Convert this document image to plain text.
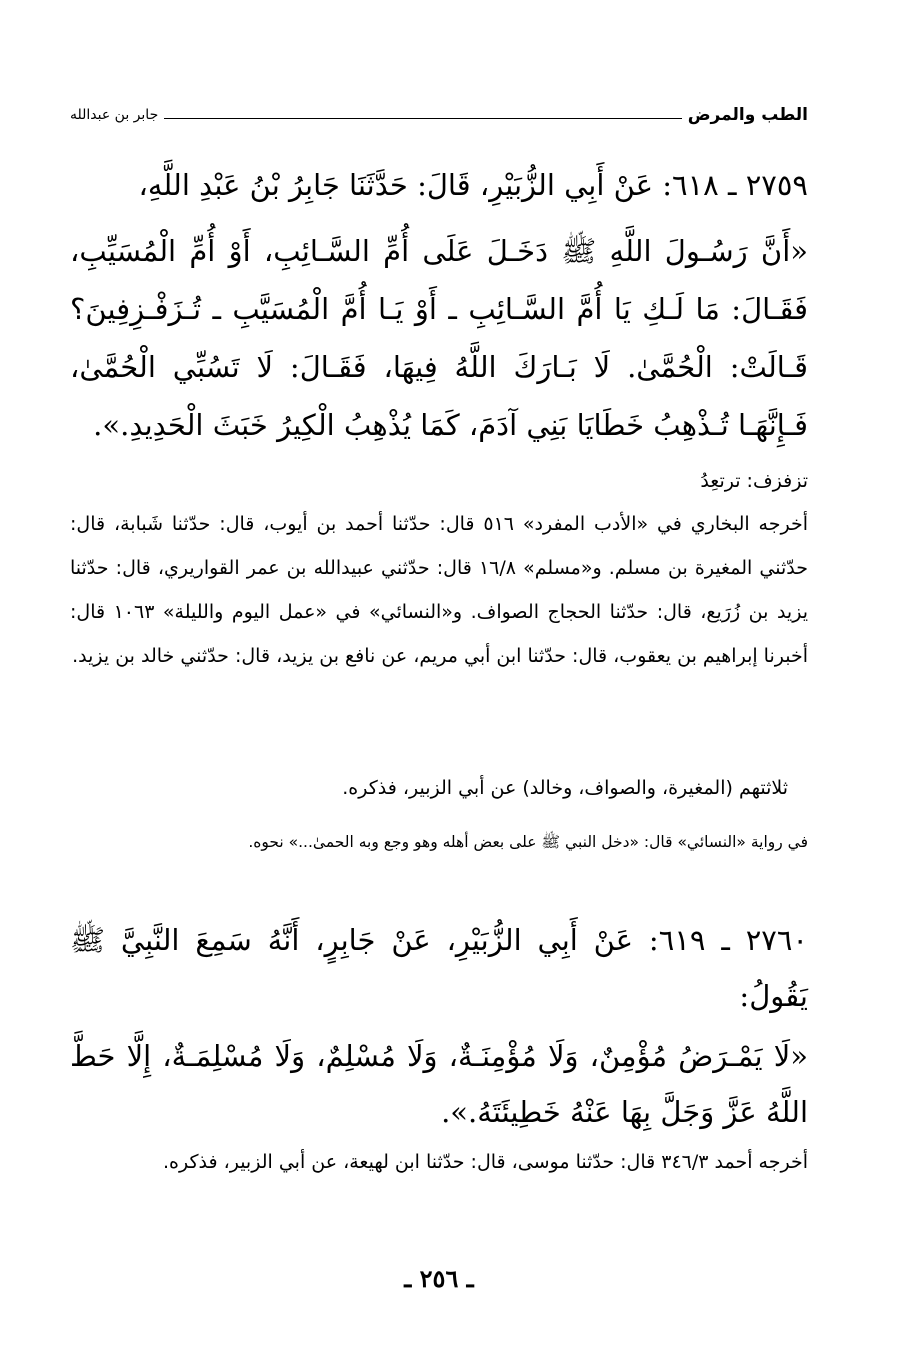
الطب والمرض
جابر بن عبدالله

٢٧٥٩ ـ ٦١٨: عَنْ أَبِي الزُّبَيْرِ، قَالَ: حَدَّثَنَا جَابِرُ بْنُ عَبْدِ اللَّهِ،

«أَنَّ رَسُـولَ اللَّهِ ﷺ دَخَـلَ عَلَى أُمِّ السَّـائِبِ، أَوْ أُمِّ الْمُسَيِّبِ، فَقَـالَ: مَا لَـكِ يَا أُمَّ السَّـائِبِ ـ أَوْ يَـا أُمَّ الْمُسَيَّبِ ـ تُـزَفْـزِفِينَ؟ قَـالَتْ: الْحُمَّىٰ. لَا بَـارَكَ اللَّهُ فِيهَا، فَقَـالَ: لَا تَسُبِّي الْحُمَّىٰ، فَـإِنَّهَـا تُـذْهِبُ خَطَايَا بَنِي آدَمَ، كَمَا يُذْهِبُ الْكِيرُ خَبَثَ الْحَدِيدِ.».

تزفزف: ترتعِدُ

أخرجه البخاري في «الأدب المفرد» ٥١٦ قال: حدّثنا أحمد بن أيوب، قال: حدّثنا شَبابة، قال: حدّثني المغيرة بن مسلم. و«مسلم» ١٦/٨ قال: حدّثني عبيدالله بن عمر القواريري، قال: حدّثنا يزيد بن زُرَيع، قال: حدّثنا الحجاج الصواف. و«النسائي» في «عمل اليوم والليلة» ١٠٦٣ قال: أخبرنا إبراهيم بن يعقوب، قال: حدّثنا ابن أبي مريم، عن نافع بن يزيد، قال: حدّثني خالد بن يزيد.

ثلاثتهم (المغيرة، والصواف، وخالد) عن أبي الزبير، فذكره.

في رواية «النسائي» قال: «دخل النبي ﷺ على بعض أهله وهو وجع وبه الحمىٰ...» نحوه.

٢٧٦٠ ـ ٦١٩: عَنْ أَبِي الزُّبَيْرِ، عَنْ جَابِرٍ، أَنَّهُ سَمِعَ النَّبِيَّ ﷺ يَقُولُ:

«لَا يَمْـرَضُ مُؤْمِنٌ، وَلَا مُؤْمِنَـةٌ، وَلَا مُسْلِمٌ، وَلَا مُسْلِمَـةٌ، إِلَّا حَطَّ اللَّهُ عَزَّ وَجَلَّ بِهَا عَنْهُ خَطِيئَتَهُ.».

أخرجه أحمد ٣٤٦/٣ قال: حدّثنا موسى، قال: حدّثنا ابن لهيعة، عن أبي الزبير، فذكره.

ـ ٢٥٦ ـ
